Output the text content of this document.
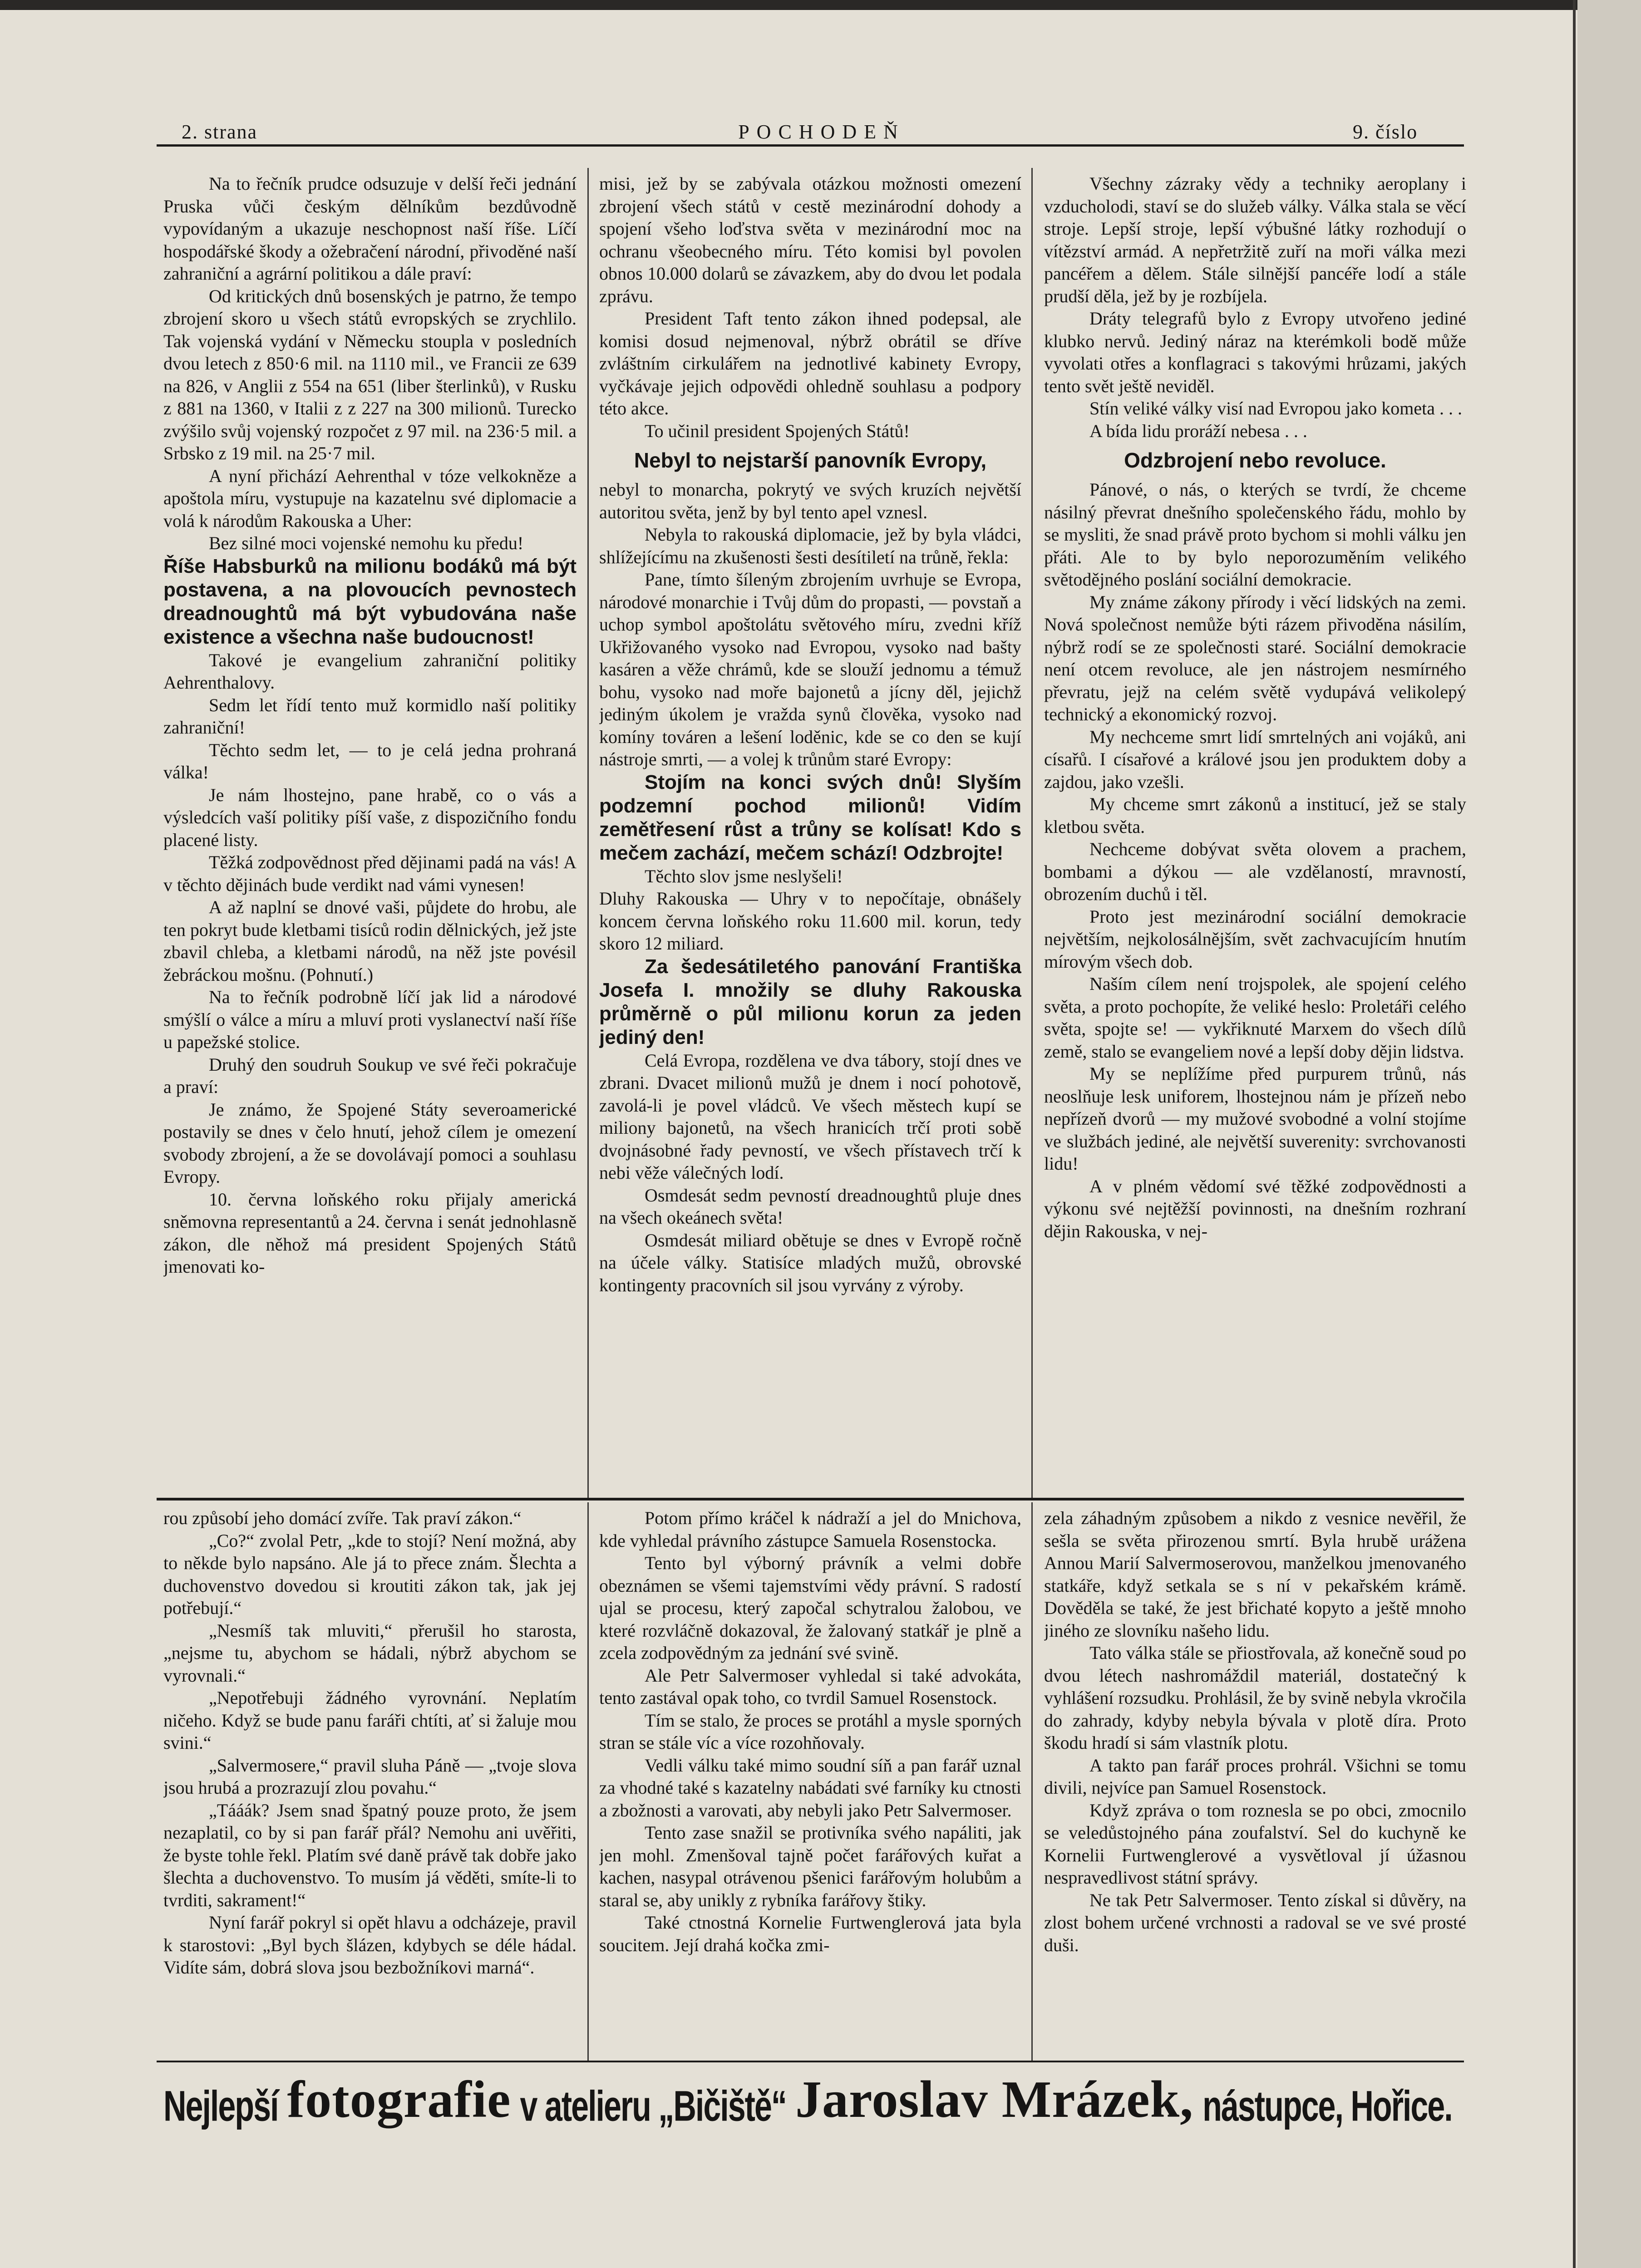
2. strana	POCHODEŇ	9. číslo

Na to řečník prudce odsuzuje v delší řeči jednání Pruska vůči českým dělníkům bezdůvodně vypovídaným a ukazuje neschopnost naší říše. Líčí hospodářské škody a ožebračení národní, přivoděné naší zahraniční a agrární politikou a dále praví:

Od kritických dnů bosenských je patrno, že tempo zbrojení skoro u všech států evropských se zrychlilo. Tak vojenská vydání v Německu stoupla v posledních dvou letech z 850·6 mil. na 1110 mil., ve Francii ze 639 na 826, v Anglii z 554 na 651 (liber šterlinků), v Rusku z 881 na 1360, v Italii z z 227 na 300 milionů. Turecko zvýšilo svůj vojenský rozpočet z 97 mil. na 236·5 mil. a Srbsko z 19 mil. na 25·7 mil.

A nyní přichází Aehrenthal v tóze velkokněze a apoštola míru, vystupuje na kazatelnu své diplomacie a volá k národům Rakouska a Uher:

Bez silné moci vojenské nemohu ku předu!

Říše Habsburků na milionu bodáků má být postavena, a na plovoucích pevnostech dreadnoughtů má být vybudována naše existence a všechna naše budoucnost!

Takové je evangelium zahraniční politiky Aehrenthalovy.

Sedm let řídí tento muž kormidlo naší politiky zahraniční!

Těchto sedm let, — to je celá jedna prohraná válka!

Je nám lhostejno, pane hrabě, co o vás a výsledcích vaší politiky píší vaše, z dispozičního fondu placené listy.

Těžká zodpovědnost před dějinami padá na vás! A v těchto dějinách bude verdikt nad vámi vynesen!

A až naplní se dnové vaši, půjdete do hrobu, ale ten pokryt bude kletbami tisíců rodin dělnických, jež jste zbavil chleba, a kletbami národů, na něž jste povésil žebráckou mošnu. (Pohnutí.)

Na to řečník podrobně líčí jak lid a národové smýšlí o válce a míru a mluví proti vyslanectví naší říše u papežské stolice.

Druhý den soudruh Soukup ve své řeči pokračuje a praví:

Je známo, že Spojené Státy severoamerické postavily se dnes v čelo hnutí, jehož cílem je omezení svobody zbrojení, a že se dovolávají pomoci a souhlasu Evropy.

10. června loňského roku přijaly americká sněmovna representantů a 24. června i senát jednohlasně zákon, dle něhož má president Spojených Států jmenovati ko-

misi, jež by se zabývala otázkou možnosti omezení zbrojení všech států v cestě mezinárodní dohody a spojení všeho loďstva světa v mezinárodní moc na ochranu všeobecného míru. Této komisi byl povolen obnos 10.000 dolarů se závazkem, aby do dvou let podala zprávu.

President Taft tento zákon ihned podepsal, ale komisi dosud nejmenoval, nýbrž obrátil se dříve zvláštním cirkulářem na jednotlivé kabinety Evropy, vyčkávaje jejich odpovědi ohledně souhlasu a podpory této akce.

To učinil president Spojených Států!

Nebyl to nejstarší panovník Evropy,

nebyl to monarcha, pokrytý ve svých kruzích největší autoritou světa, jenž by byl tento apel vznesl.

Nebyla to rakouská diplomacie, jež by byla vládci, shlížejícímu na zkušenosti šesti desítiletí na trůně, řekla:

Pane, tímto šíleným zbrojením uvrhuje se Evropa, národové monarchie i Tvůj dům do propasti, — povstaň a uchop symbol apoštolátu světového míru, zvedni kříž Ukřižovaného vysoko nad Evropou, vysoko nad bašty kasáren a věže chrámů, kde se slouží jednomu a témuž bohu, vysoko nad moře bajonetů a jícny děl, jejichž jediným úkolem je vražda synů člověka, vysoko nad komíny továren a lešení loděnic, kde se co den se kují nástroje smrti, — a volej k trůnům staré Evropy:

Stojím na konci svých dnů! Slyším podzemní pochod milionů! Vidím zemětřesení růst a trůny se kolísat! Kdo s mečem zachází, mečem schází! Odzbrojte!

Těchto slov jsme neslyšeli!

Dluhy Rakouska — Uhry v to nepočítaje, obnášely koncem června loňského roku 11.600 mil. korun, tedy skoro 12 miliard.

Za šedesátiletého panování Františka Josefa I. množily se dluhy Rakouska průměrně o půl milionu korun za jeden jediný den!

Celá Evropa, rozdělena ve dva tábory, stojí dnes ve zbrani. Dvacet milionů mužů je dnem i nocí pohotově, zavolá-li je povel vládců. Ve všech městech kupí se miliony bajonetů, na všech hranicích trčí proti sobě dvojnásobné řady pevností, ve všech přístavech trčí k nebi věže válečných lodí.

Osmdesát sedm pevností dreadnoughtů pluje dnes na všech okeánech světa!

Osmdesát miliard obětuje se dnes v Evropě ročně na účele války. Statisíce mladých mužů, obrovské kontingenty pracovních sil jsou vyrvány z výroby.

Všechny zázraky vědy a techniky aeroplany i vzducholodi, staví se do služeb války. Válka stala se věcí stroje. Lepší stroje, lepší výbušné látky rozhodují o vítězství armád. A nepřetržitě zuří na moři válka mezi pancéřem a dělem. Stále silnější pancéře lodí a stále prudší děla, jež by je rozbíjela.

Dráty telegrafů bylo z Evropy utvořeno jediné klubko nervů. Jediný náraz na kterémkoli bodě může vyvolati otřes a konflagraci s takovými hrůzami, jakých tento svět ještě neviděl.

Stín veliké války visí nad Evropou jako kometa . . .

A bída lidu proráží nebesa . . .

Odzbrojení nebo revoluce.

Pánové, o nás, o kterých se tvrdí, že chceme násilný převrat dnešního společenského řádu, mohlo by se mysliti, že snad právě proto bychom si mohli válku jen přáti. Ale to by bylo neporozuměním velikého světodějného poslání sociální demokracie.

My známe zákony přírody i věcí lidských na zemi. Nová společnost nemůže býti rázem přivoděna násilím, nýbrž rodí se ze společnosti staré. Sociální demokracie není otcem revoluce, ale jen nástrojem nesmírného převratu, jejž na celém světě vydupává velikolepý technický a ekonomický rozvoj.

My nechceme smrt lidí smrtelných ani vojáků, ani císařů. I císařové a králové jsou jen produktem doby a zajdou, jako vzešli.

My chceme smrt zákonů a institucí, jež se staly kletbou světa.

Nechceme dobývat světa olovem a prachem, bombami a dýkou — ale vzdělaností, mravností, obrozením duchů i těl.

Proto jest mezinárodní sociální demokracie největším, nejkolosálnějším, svět zachvacujícím hnutím mírovým všech dob.

Naším cílem není trojspolek, ale spojení celého světa, a proto pochopíte, že veliké heslo: Proletáři celého světa, spojte se! — vykřiknuté Marxem do všech dílů země, stalo se evangeliem nové a lepší doby dějin lidstva.

My se neplížíme před purpurem trůnů, nás neoslňuje lesk uniforem, lhostejnou nám je přízeň nebo nepřízeň dvorů — my mužové svobodné a volní stojíme ve službách jediné, ale největší suverenity: svrchovanosti lidu!

A v plném vědomí své těžké zodpovědnosti a výkonu své nejtěžší povinnosti, na dnešním rozhraní dějin Rakouska, v nej-

rou způsobí jeho domácí zvíře. Tak praví zákon.“

„Co?“ zvolal Petr, „kde to stojí? Není možná, aby to někde bylo napsáno. Ale já to přece znám. Šlechta a duchovenstvo dovedou si kroutiti zákon tak, jak jej potřebují.“

„Nesmíš tak mluviti,“ přerušil ho starosta, „nejsme tu, abychom se hádali, nýbrž abychom se vyrovnali.“

„Nepotřebuji žádného vyrovnání. Neplatím ničeho. Když se bude panu faráři chtíti, ať si žaluje mou svini.“

„Salvermosere,“ pravil sluha Páně — „tvoje slova jsou hrubá a prozrazují zlou povahu.“

„Tááák? Jsem snad špatný pouze proto, že jsem nezaplatil, co by si pan farář přál? Nemohu ani uvěřiti, že byste tohle řekl. Platím své daně právě tak dobře jako šlechta a duchovenstvo. To musím já věděti, smíte-li to tvrditi, sakrament!“

Nyní farář pokryl si opět hlavu a odcházeje, pravil k starostovi: „Byl bych šlázen, kdybych se déle hádal. Vidíte sám, dobrá slova jsou bezbožníkovi marná“.

Potom přímo kráčel k nádraží a jel do Mnichova, kde vyhledal právního zástupce Samuela Rosenstocka.

Tento byl výborný právník a velmi dobře obeznámen se všemi tajemstvími vědy právní. S radostí ujal se procesu, který započal schytralou žalobou, ve které rozvláčně dokazoval, že žalovaný statkář je plně a zcela zodpovědným za jednání své svině.

Ale Petr Salvermoser vyhledal si také advokáta, tento zastával opak toho, co tvrdil Samuel Rosenstock.

Tím se stalo, že proces se protáhl a mysle sporných stran se stále víc a více rozohňovaly.

Vedli válku také mimo soudní síň a pan farář uznal za vhodné také s kazatelny nabádati své farníky ku ctnosti a zbožnosti a varovati, aby nebyli jako Petr Salvermoser.

Tento zase snažil se protivníka svého napáliti, jak jen mohl. Zmenšoval tajně počet farářových kuřat a kachen, nasypal otrávenou pšenici farářovým holubům a staral se, aby unikly z rybníka farářovy štiky.

Také ctnostná Kornelie Furtwenglerová jata byla soucitem. Její drahá kočka zmi-

zela záhadným způsobem a nikdo z vesnice nevěřil, že sešla se světa přirozenou smrtí. Byla hrubě urážena Annou Marií Salvermoserovou, manželkou jmenovaného statkáře, když setkala se s ní v pekařském krámě. Dověděla se také, že jest břichaté kopyto a ještě mnoho jiného ze slovníku našeho lidu.

Tato válka stále se přiostřovala, až konečně soud po dvou létech nashromáždil materiál, dostatečný k vyhlášení rozsudku. Prohlásil, že by svině nebyla vkročila do zahrady, kdyby nebyla bývala v plotě díra. Proto škodu hradí si sám vlastník plotu.

A takto pan farář proces prohrál. Všichni se tomu divili, nejvíce pan Samuel Rosenstock.

Když zpráva o tom roznesla se po obci, zmocnilo se veledůstojného pána zoufalství. Sel do kuchyně ke Kornelii Furtwenglerové a vysvětloval jí úžasnou nespravedlivost státní správy.

Ne tak Petr Salvermoser. Tento získal si důvěry, na zlost bohem určené vrchnosti a radoval se ve své prosté duši.

Nejlepší fotografie v atelieru „Bičiště“ Jaroslav Mrázek, nástupce, Hořice.
